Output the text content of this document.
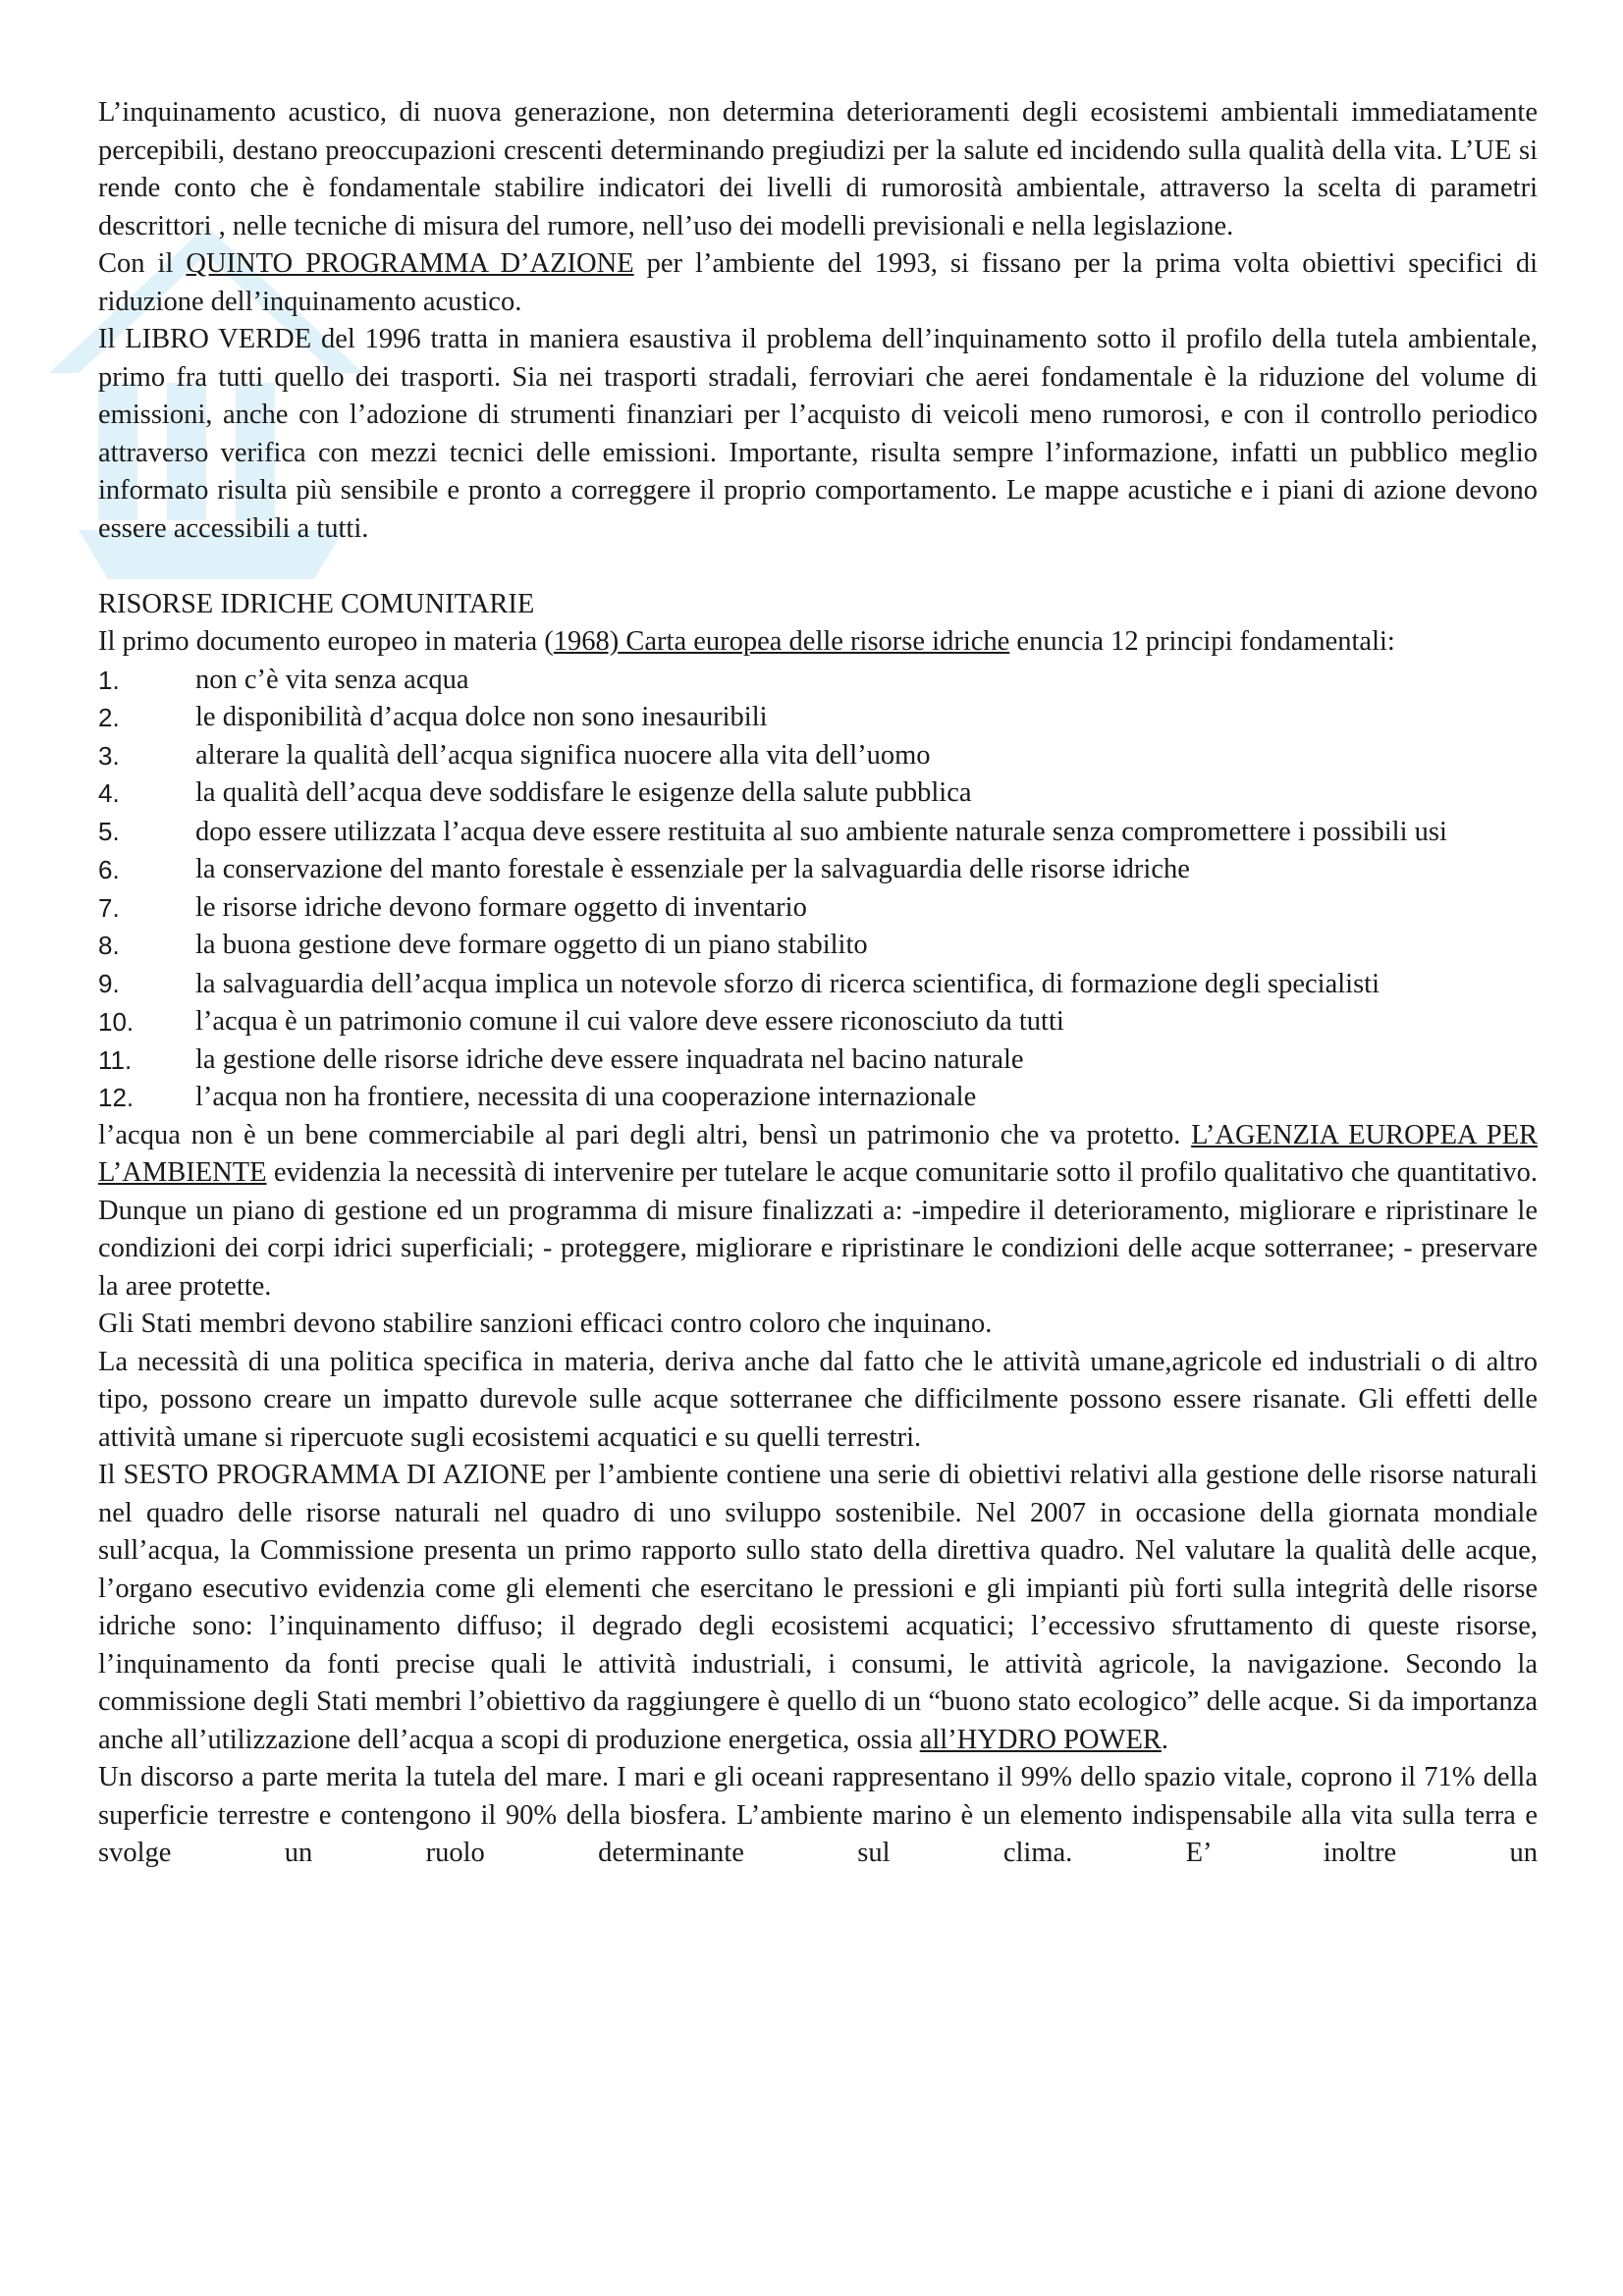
L’inquinamento acustico, di nuova generazione, non determina deterioramenti degli ecosistemi ambientali immediatamente percepibili, destano preoccupazioni crescenti determinando pregiudizi per la salute ed incidendo sulla qualità della vita. L’UE si rende conto che è fondamentale stabilire indicatori dei livelli di rumorosità ambientale, attraverso la scelta di parametri descrittori , nelle tecniche di misura del rumore, nell’uso dei modelli previsionali e nella legislazione.

Con il QUINTO PROGRAMMA D’AZIONE per l’ambiente del 1993, si fissano per la prima volta obiettivi specifici di riduzione dell’inquinamento acustico.

Il LIBRO VERDE del 1996 tratta in maniera esaustiva il problema dell’inquinamento sotto il profilo della tutela ambientale, primo fra tutti quello dei trasporti. Sia nei trasporti stradali, ferroviari che aerei fondamentale è la riduzione del volume di emissioni, anche con l’adozione di strumenti finanziari per l’acquisto di veicoli meno rumorosi, e con il controllo periodico attraverso verifica con mezzi tecnici delle emissioni. Importante, risulta sempre l’informazione, infatti un pubblico meglio informato risulta più sensibile e pronto a correggere il proprio comportamento. Le mappe acustiche e i piani di azione devono essere accessibili a tutti.

RISORSE IDRICHE COMUNITARIE

Il primo documento europeo in materia (1968) Carta europea delle risorse idriche enuncia 12 principi fondamentali:

1.	non c’è vita senza acqua
2.	le disponibilità d’acqua dolce non sono inesauribili
3.	alterare la qualità dell’acqua significa nuocere alla vita dell’uomo
4.	la qualità dell’acqua deve soddisfare le esigenze della salute pubblica
5.	dopo essere utilizzata l’acqua deve essere restituita al suo ambiente naturale senza compromettere i possibili usi
6.	la conservazione del manto forestale è essenziale per la salvaguardia delle risorse idriche
7.	le risorse idriche devono formare oggetto di inventario
8.	la buona gestione deve formare oggetto di un piano stabilito
9.	la salvaguardia dell’acqua implica un notevole sforzo di ricerca scientifica, di formazione degli specialisti
10.	l’acqua è un patrimonio comune il cui valore deve essere riconosciuto da tutti
11.	la gestione delle risorse idriche deve essere inquadrata nel bacino naturale
12.	l’acqua non ha frontiere, necessita di una cooperazione internazionale

l’acqua non è un bene commerciabile al pari degli altri, bensì un patrimonio che va protetto. L’AGENZIA EUROPEA PER L’AMBIENTE evidenzia la necessità di intervenire per tutelare le acque comunitarie sotto il profilo qualitativo che quantitativo. Dunque un piano di gestione ed un programma di misure finalizzati a: -impedire il deterioramento, migliorare e ripristinare le condizioni dei corpi idrici superficiali; - proteggere, migliorare e ripristinare le condizioni delle acque sotterranee; - preservare la aree protette.

Gli Stati membri devono stabilire sanzioni efficaci contro coloro che inquinano.

La necessità di una politica specifica in materia, deriva anche dal fatto che le attività umane,agricole ed industriali o di altro tipo, possono creare un impatto durevole sulle acque sotterranee che difficilmente possono essere risanate. Gli effetti delle attività umane si ripercuote sugli ecosistemi acquatici e su quelli terrestri.

Il SESTO PROGRAMMA DI AZIONE per l’ambiente contiene una serie di obiettivi relativi alla gestione delle risorse naturali nel quadro delle risorse naturali nel quadro di uno sviluppo sostenibile. Nel 2007 in occasione della giornata mondiale sull’acqua, la Commissione presenta un primo rapporto sullo stato della direttiva quadro. Nel valutare la qualità delle acque, l’organo esecutivo evidenzia come gli elementi che esercitano le pressioni e gli impianti più forti sulla integrità delle risorse idriche sono: l’inquinamento diffuso; il degrado degli ecosistemi acquatici; l’eccessivo sfruttamento di queste risorse, l’inquinamento da fonti precise quali le attività industriali, i consumi, le attività agricole, la navigazione. Secondo la commissione degli Stati membri l’obiettivo da raggiungere è quello di un “buono stato ecologico” delle acque. Si da importanza anche all’utilizzazione dell’acqua a scopi di produzione energetica, ossia all’HYDRO POWER.

Un discorso a parte merita la tutela del mare. I mari e gli oceani rappresentano il 99% dello spazio vitale, coprono il 71% della superficie terrestre e contengono il 90% della biosfera. L’ambiente marino è un elemento indispensabile alla vita sulla terra e svolge un ruolo determinante sul clima. E’ inoltre un
